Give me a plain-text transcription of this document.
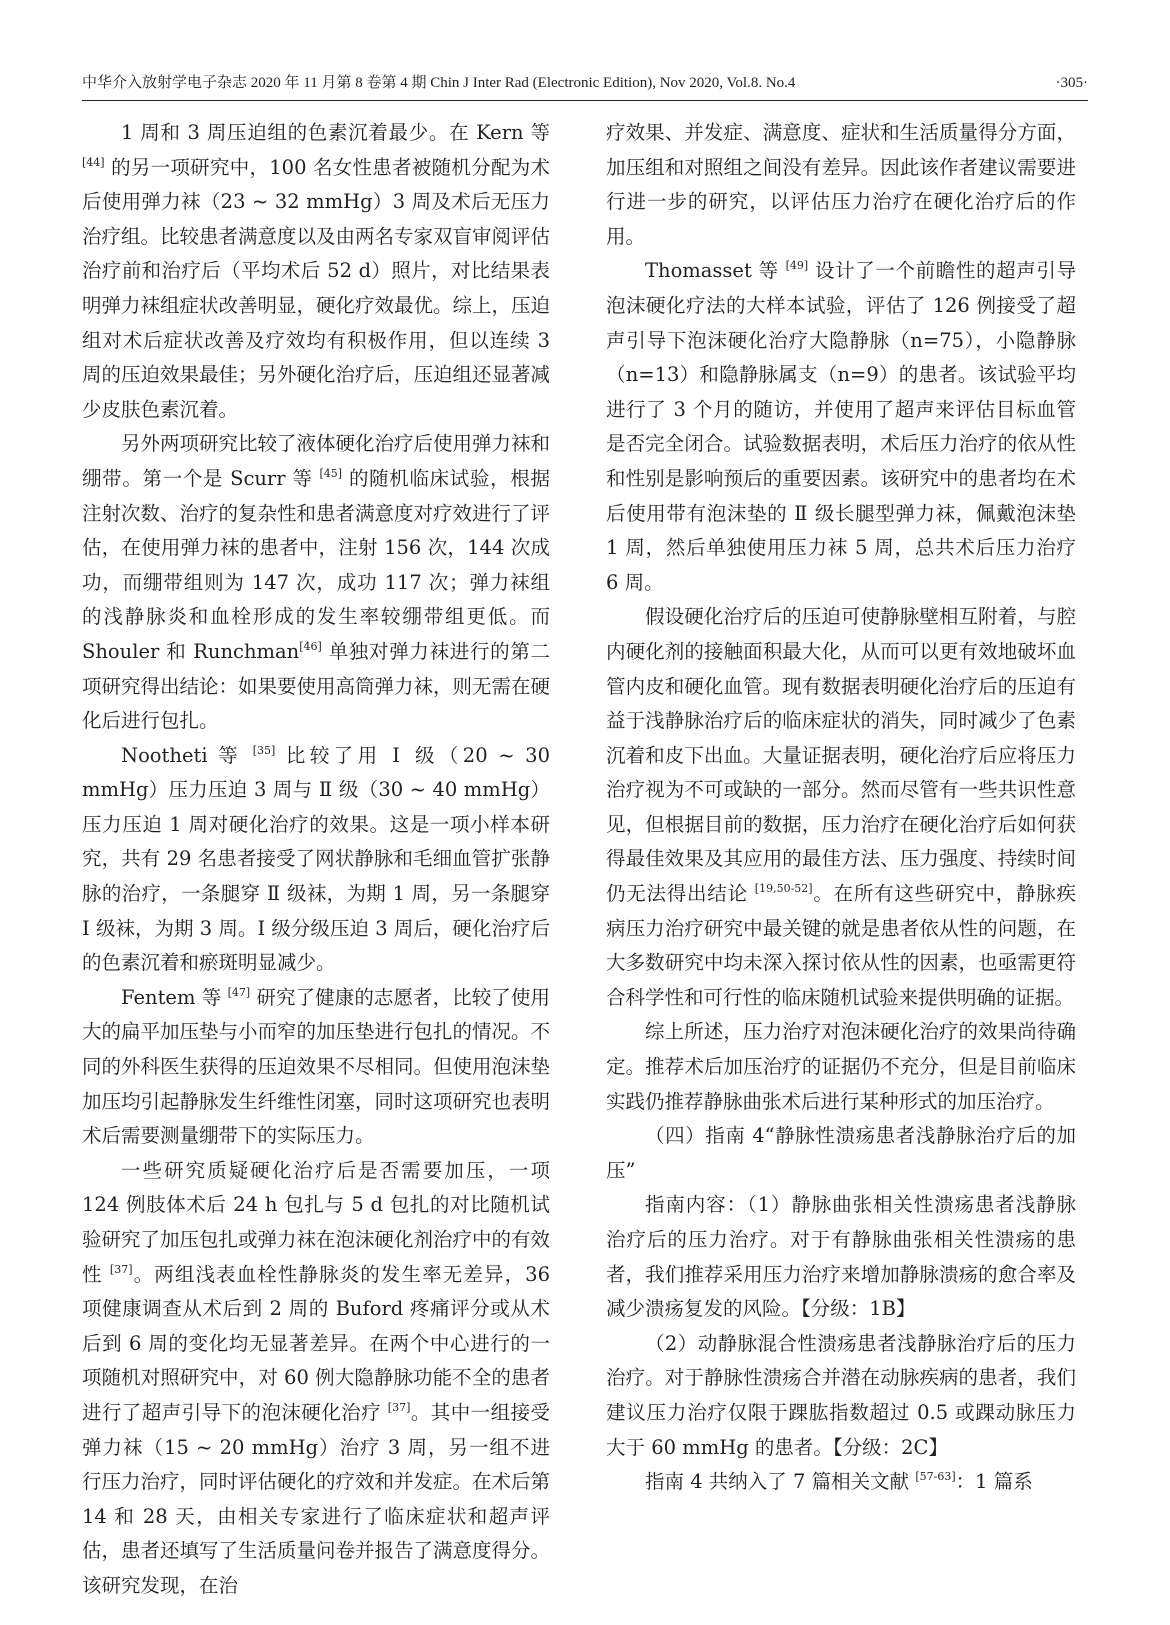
中华介入放射学电子杂志 2020 年 11 月第 8 卷第 4 期 Chin J Inter Rad (Electronic Edition), Nov 2020, Vol.8. No.4	·305·

1 周和 3 周压迫组的色素沉着最少。在 Kern 等 [44] 的另一项研究中，100 名女性患者被随机分配为术后使用弹力袜（23 ~ 32 mmHg）3 周及术后无压力治疗组。比较患者满意度以及由两名专家双盲审阅评估治疗前和治疗后（平均术后 52 d）照片，对比结果表明弹力袜组症状改善明显，硬化疗效最优。综上，压迫组对术后症状改善及疗效均有积极作用，但以连续 3 周的压迫效果最佳；另外硬化治疗后，压迫组还显著减少皮肤色素沉着。

另外两项研究比较了液体硬化治疗后使用弹力袜和绷带。第一个是 Scurr 等 [45] 的随机临床试验，根据注射次数、治疗的复杂性和患者满意度对疗效进行了评估，在使用弹力袜的患者中，注射 156 次，144 次成功，而绷带组则为 147 次，成功 117 次；弹力袜组的浅静脉炎和血栓形成的发生率较绷带组更低。而 Shouler 和 Runchman[46] 单独对弹力袜进行的第二项研究得出结论：如果要使用高筒弹力袜，则无需在硬化后进行包扎。

Nootheti 等 [35] 比较了用 Ⅰ 级（20 ~ 30 mmHg）压力压迫 3 周与 Ⅱ 级（30 ~ 40 mmHg）压力压迫 1 周对硬化治疗的效果。这是一项小样本研究，共有 29 名患者接受了网状静脉和毛细血管扩张静脉的治疗，一条腿穿 Ⅱ 级袜，为期 1 周，另一条腿穿 Ⅰ 级袜，为期 3 周。Ⅰ 级分级压迫 3 周后，硬化治疗后的色素沉着和瘀斑明显减少。

Fentem 等 [47] 研究了健康的志愿者，比较了使用大的扁平加压垫与小而窄的加压垫进行包扎的情况。不同的外科医生获得的压迫效果不尽相同。但使用泡沫垫加压均引起静脉发生纤维性闭塞，同时这项研究也表明术后需要测量绷带下的实际压力。

一些研究质疑硬化治疗后是否需要加压，一项 124 例肢体术后 24 h 包扎与 5 d 包扎的对比随机试验研究了加压包扎或弹力袜在泡沫硬化剂治疗中的有效性 [37]。两组浅表血栓性静脉炎的发生率无差异，36 项健康调查从术后到 2 周的 Buford 疼痛评分或从术后到 6 周的变化均无显著差异。在两个中心进行的一项随机对照研究中，对 60 例大隐静脉功能不全的患者进行了超声引导下的泡沫硬化治疗 [37]。其中一组接受弹力袜（15 ~ 20 mmHg）治疗 3 周，另一组不进行压力治疗，同时评估硬化的疗效和并发症。在术后第 14 和 28 天，由相关专家进行了临床症状和超声评估，患者还填写了生活质量问卷并报告了满意度得分。该研究发现，在治

疗效果、并发症、满意度、症状和生活质量得分方面，加压组和对照组之间没有差异。因此该作者建议需要进行进一步的研究，以评估压力治疗在硬化治疗后的作用。

Thomasset 等 [49] 设计了一个前瞻性的超声引导泡沫硬化疗法的大样本试验，评估了 126 例接受了超声引导下泡沫硬化治疗大隐静脉（n=75），小隐静脉（n=13）和隐静脉属支（n=9）的患者。该试验平均进行了 3 个月的随访，并使用了超声来评估目标血管是否完全闭合。试验数据表明，术后压力治疗的依从性和性别是影响预后的重要因素。该研究中的患者均在术后使用带有泡沫垫的 Ⅱ 级长腿型弹力袜，佩戴泡沫垫 1 周，然后单独使用压力袜 5 周，总共术后压力治疗 6 周。

假设硬化治疗后的压迫可使静脉壁相互附着，与腔内硬化剂的接触面积最大化，从而可以更有效地破坏血管内皮和硬化血管。现有数据表明硬化治疗后的压迫有益于浅静脉治疗后的临床症状的消失，同时减少了色素沉着和皮下出血。大量证据表明，硬化治疗后应将压力治疗视为不可或缺的一部分。然而尽管有一些共识性意见，但根据目前的数据，压力治疗在硬化治疗后如何获得最佳效果及其应用的最佳方法、压力强度、持续时间仍无法得出结论 [19,50-52]。在所有这些研究中，静脉疾病压力治疗研究中最关键的就是患者依从性的问题，在大多数研究中均未深入探讨依从性的因素，也亟需更符合科学性和可行性的临床随机试验来提供明确的证据。

综上所述，压力治疗对泡沫硬化治疗的效果尚待确定。推荐术后加压治疗的证据仍不充分，但是目前临床实践仍推荐静脉曲张术后进行某种形式的加压治疗。

（四）指南 4“静脉性溃疡患者浅静脉治疗后的加压”

指南内容：（1）静脉曲张相关性溃疡患者浅静脉治疗后的压力治疗。对于有静脉曲张相关性溃疡的患者，我们推荐采用压力治疗来增加静脉溃疡的愈合率及减少溃疡复发的风险。【分级：1B】

（2）动静脉混合性溃疡患者浅静脉治疗后的压力治疗。对于静脉性溃疡合并潜在动脉疾病的患者，我们建议压力治疗仅限于踝肱指数超过 0.5 或踝动脉压力大于 60 mmHg 的患者。【分级：2C】

指南 4 共纳入了 7 篇相关文献 [57-63]：1 篇系
